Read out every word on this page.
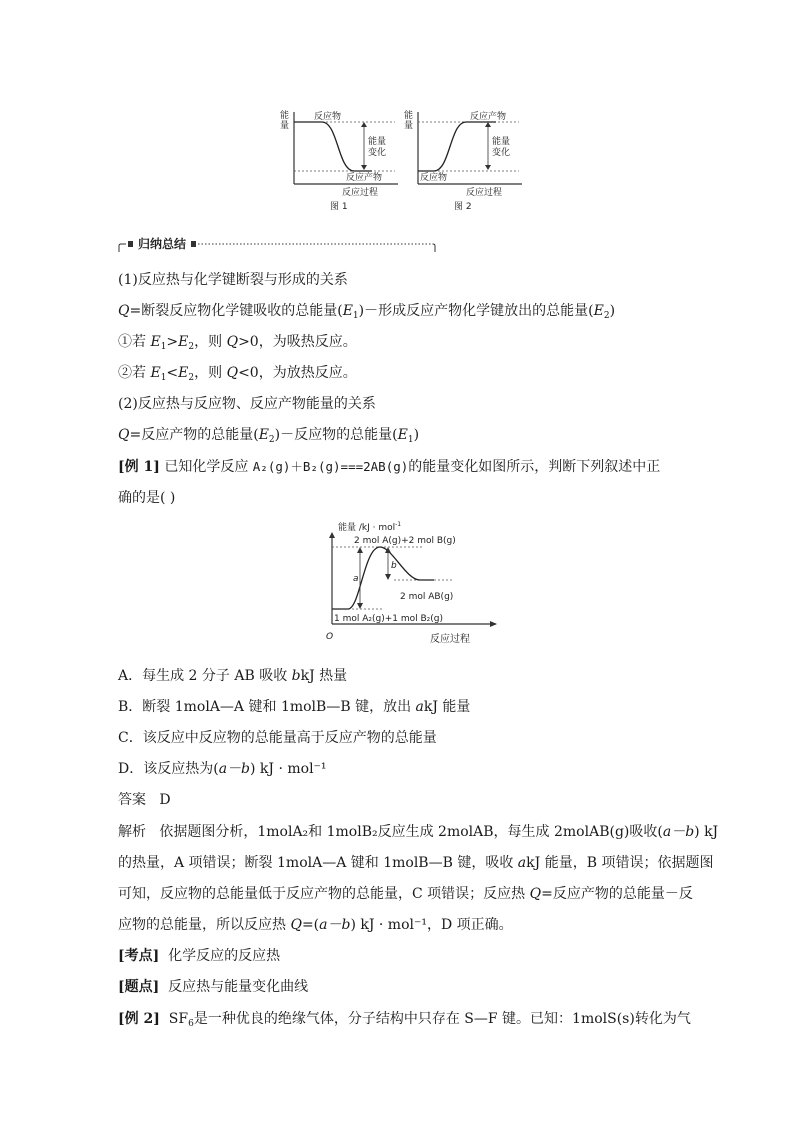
能
量
反应物
能量
变化
反应产物
反应过程
图 1
能
量
反应产物
能量
变化
反应物
反应过程
图 2
归纳总结
(1)反应热与化学键断裂与形成的关系
Q=断裂反应物化学键吸收的总能量$(E_1)-$形成反应产物化学键放出的总能量$(E_2)$
①若 $E_1>E_2$，则 Q>0，为吸热反应。
②若 $E_1<E_2$，则 Q<0，为放热反应。
(2)反应热与反应物、反应产物能量的关系
Q=反应产物的总能量$(E_2)-$反应物的总能量$(E_1)$
[例 1] 已知化学反应 A₂(g)＋B₂(g)===2AB(g)的能量变化如图所示，判断下列叙述中正
确的是( )
能量 /kJ · mol$^{-1}$
2 mol A(g)+2 mol B(g)
a
b
2 mol AB(g)
1 mol A₂(g)+1 mol B₂(g)
O	反应过程
A．每生成 2 分子 AB 吸收 bkJ 热量
B．断裂 1molA—A 键和 1molB—B 键，放出 akJ 能量
C．该反应中反应物的总能量高于反应产物的总能量
D．该反应热为(a－b) kJ · mol⁻¹
答案 D
解析 依据题图分析，1molA₂和 1molB₂反应生成 2molAB，每生成 2molAB(g)吸收(a－b) kJ
的热量，A 项错误；断裂 1molA—A 键和 1molB—B 键，吸收 akJ 能量，B 项错误；依据题图
可知，反应物的总能量低于反应产物的总能量，C 项错误；反应热 Q=反应产物的总能量－反
应物的总能量，所以反应热 Q=(a－b) kJ · mol⁻¹，D 项正确。
[考点] 化学反应的反应热
[题点] 反应热与能量变化曲线
[例 2] $SF_6$是一种优良的绝缘气体，分子结构中只存在 S—F 键。已知：1molS(s)转化为气
